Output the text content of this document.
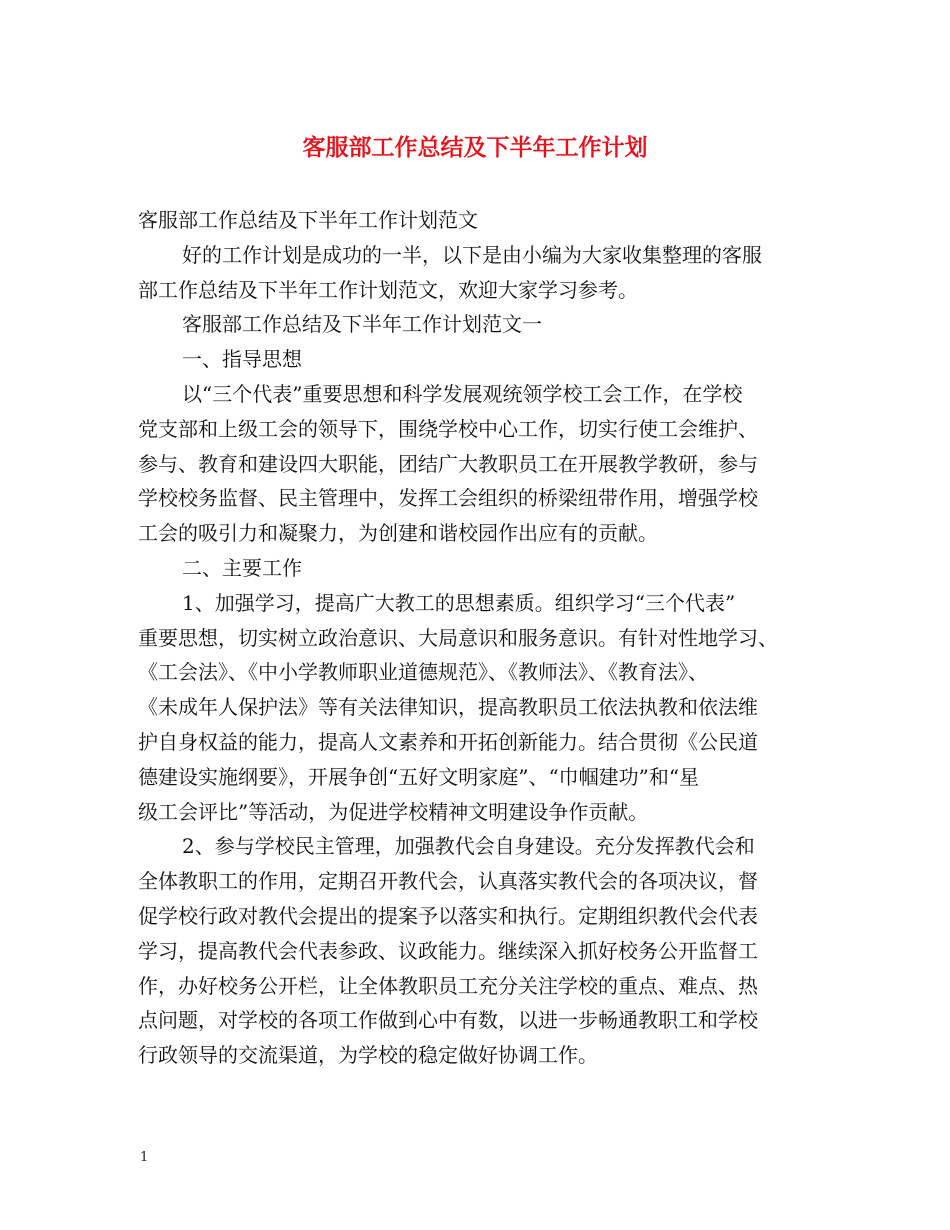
客服部工作总结及下半年工作计划

客服部工作总结及下半年工作计划范文

好的工作计划是成功的一半，以下是由小编为大家收集整理的客服

部工作总结及下半年工作计划范文，欢迎大家学习参考。

客服部工作总结及下半年工作计划范文一

一、指导思想

以“三个代表”重要思想和科学发展观统领学校工会工作，在学校

党支部和上级工会的领导下，围绕学校中心工作，切实行使工会维护、

参与、教育和建设四大职能，团结广大教职员工在开展教学教研，参与

学校校务监督、民主管理中，发挥工会组织的桥梁纽带作用，增强学校

工会的吸引力和凝聚力，为创建和谐校园作出应有的贡献。

二、主要工作

1、加强学习，提高广大教工的思想素质。组织学习“三个代表”

重要思想，切实树立政治意识、大局意识和服务意识。有针对性地学习、

《工会法》、《中小学教师职业道德规范》、《教师法》、《教育法》、

《未成年人保护法》等有关法律知识，提高教职员工依法执教和依法维

护自身权益的能力，提高人文素养和开拓创新能力。结合贯彻《公民道

德建设实施纲要》，开展争创“五好文明家庭”、“巾帼建功”和“星

级工会评比”等活动，为促进学校精神文明建设争作贡献。

2、参与学校民主管理，加强教代会自身建设。充分发挥教代会和

全体教职工的作用，定期召开教代会，认真落实教代会的各项决议，督

促学校行政对教代会提出的提案予以落实和执行。定期组织教代会代表

学习，提高教代会代表参政、议政能力。继续深入抓好校务公开监督工

作，办好校务公开栏，让全体教职员工充分关注学校的重点、难点、热

点问题，对学校的各项工作做到心中有数，以进一步畅通教职工和学校

行政领导的交流渠道，为学校的稳定做好协调工作。

1
